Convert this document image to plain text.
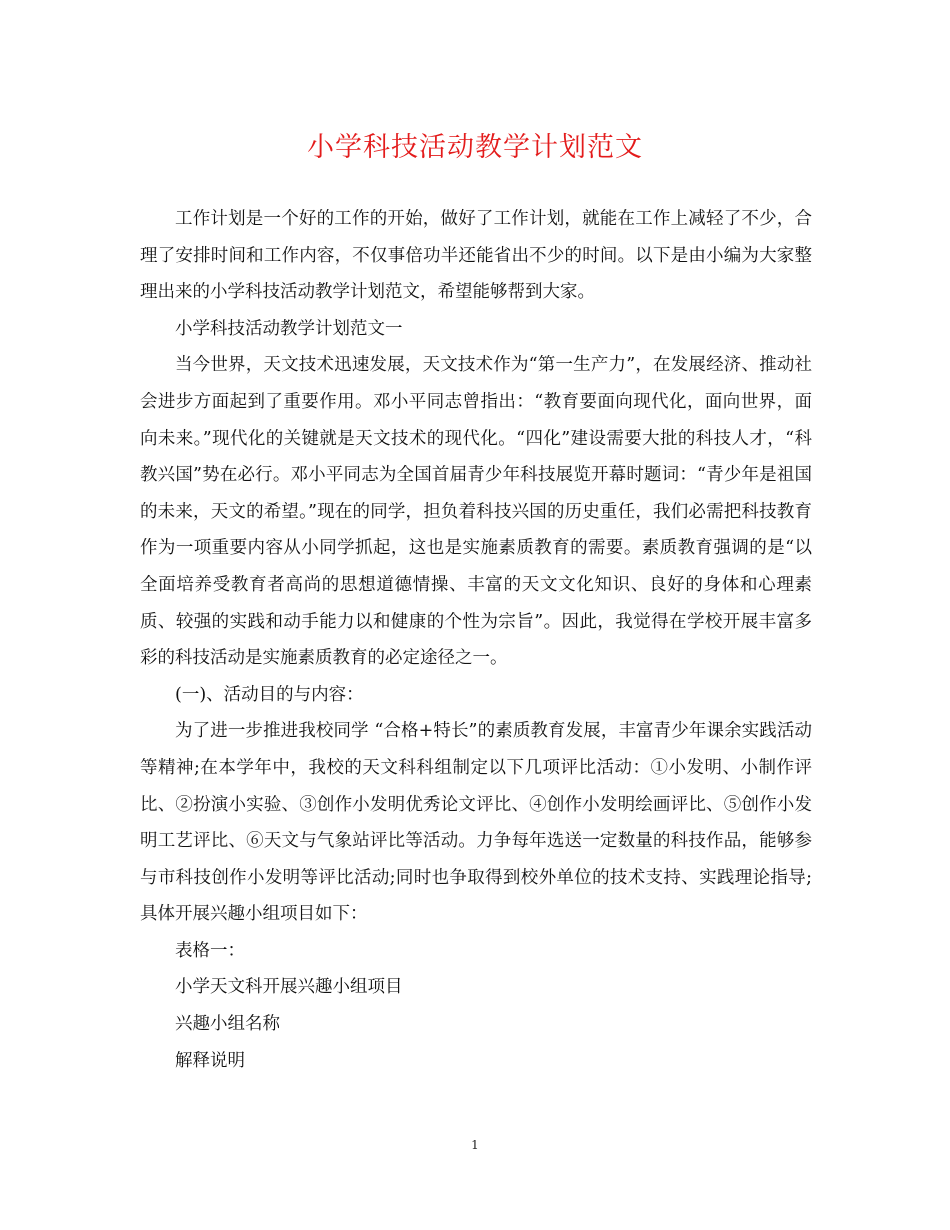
小学科技活动教学计划范文

工作计划是一个好的工作的开始，做好了工作计划，就能在工作上减轻了不少，合理了安排时间和工作内容，不仅事倍功半还能省出不少的时间。以下是由小编为大家整理出来的小学科技活动教学计划范文，希望能够帮到大家。

小学科技活动教学计划范文一

当今世界，天文技术迅速发展，天文技术作为“第一生产力”，在发展经济、推动社会进步方面起到了重要作用。邓小平同志曾指出：“教育要面向现代化，面向世界，面向未来。”现代化的关键就是天文技术的现代化。“四化”建设需要大批的科技人才，“科教兴国”势在必行。邓小平同志为全国首届青少年科技展览开幕时题词：“青少年是祖国的未来，天文的希望。”现在的同学，担负着科技兴国的历史重任，我们必需把科技教育作为一项重要内容从小同学抓起，这也是实施素质教育的需要。素质教育强调的是“以全面培养受教育者高尚的思想道德情操、丰富的天文文化知识、良好的身体和心理素质、较强的实践和动手能力以和健康的个性为宗旨”。因此，我觉得在学校开展丰富多彩的科技活动是实施素质教育的必定途径之一。

(一)、活动目的与内容：

为了进一步推进我校同学 “合格+特长”的素质教育发展，丰富青少年课余实践活动等精神;在本学年中，我校的天文科科组制定以下几项评比活动：①小发明、小制作评比、②扮演小实验、③创作小发明优秀论文评比、④创作小发明绘画评比、⑤创作小发明工艺评比、⑥天文与气象站评比等活动。力争每年选送一定数量的科技作品，能够参与市科技创作小发明等评比活动;同时也争取得到校外单位的技术支持、实践理论指导;具体开展兴趣小组项目如下：

表格一：

小学天文科开展兴趣小组项目

兴趣小组名称

解释说明

1
